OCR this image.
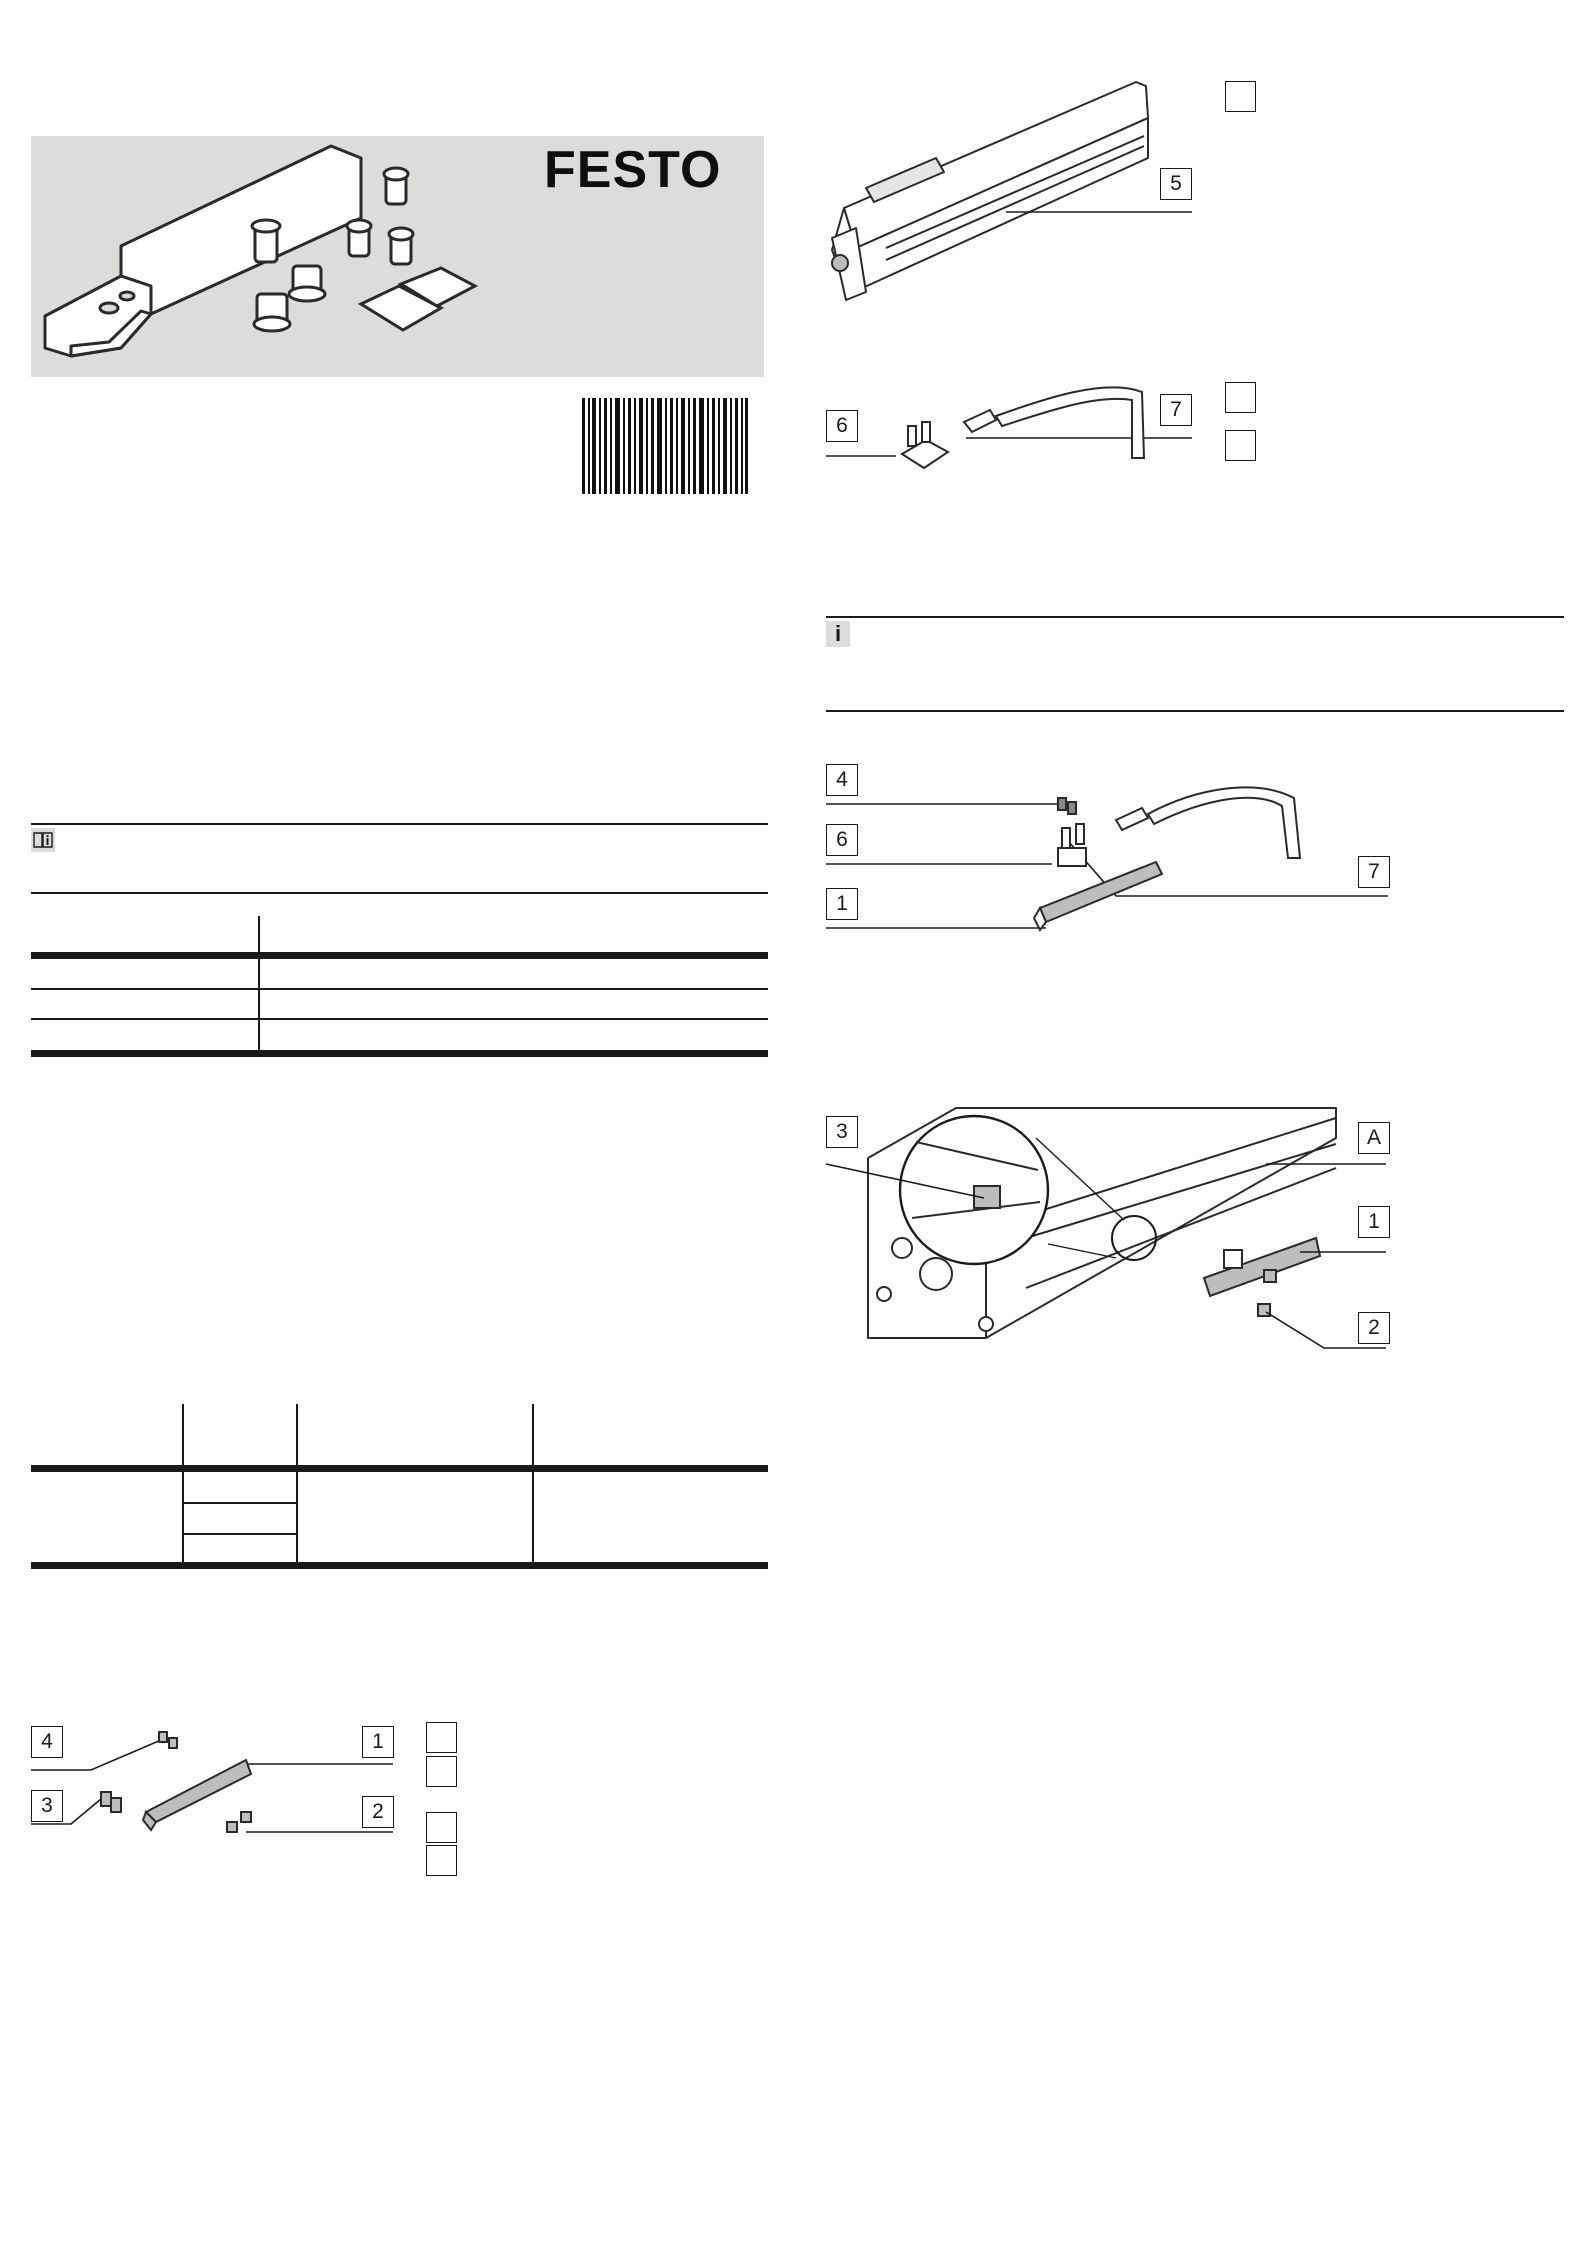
FESTO
4
3
1
2
5
6
7
i
4
6
1
7
3	A
1
2
